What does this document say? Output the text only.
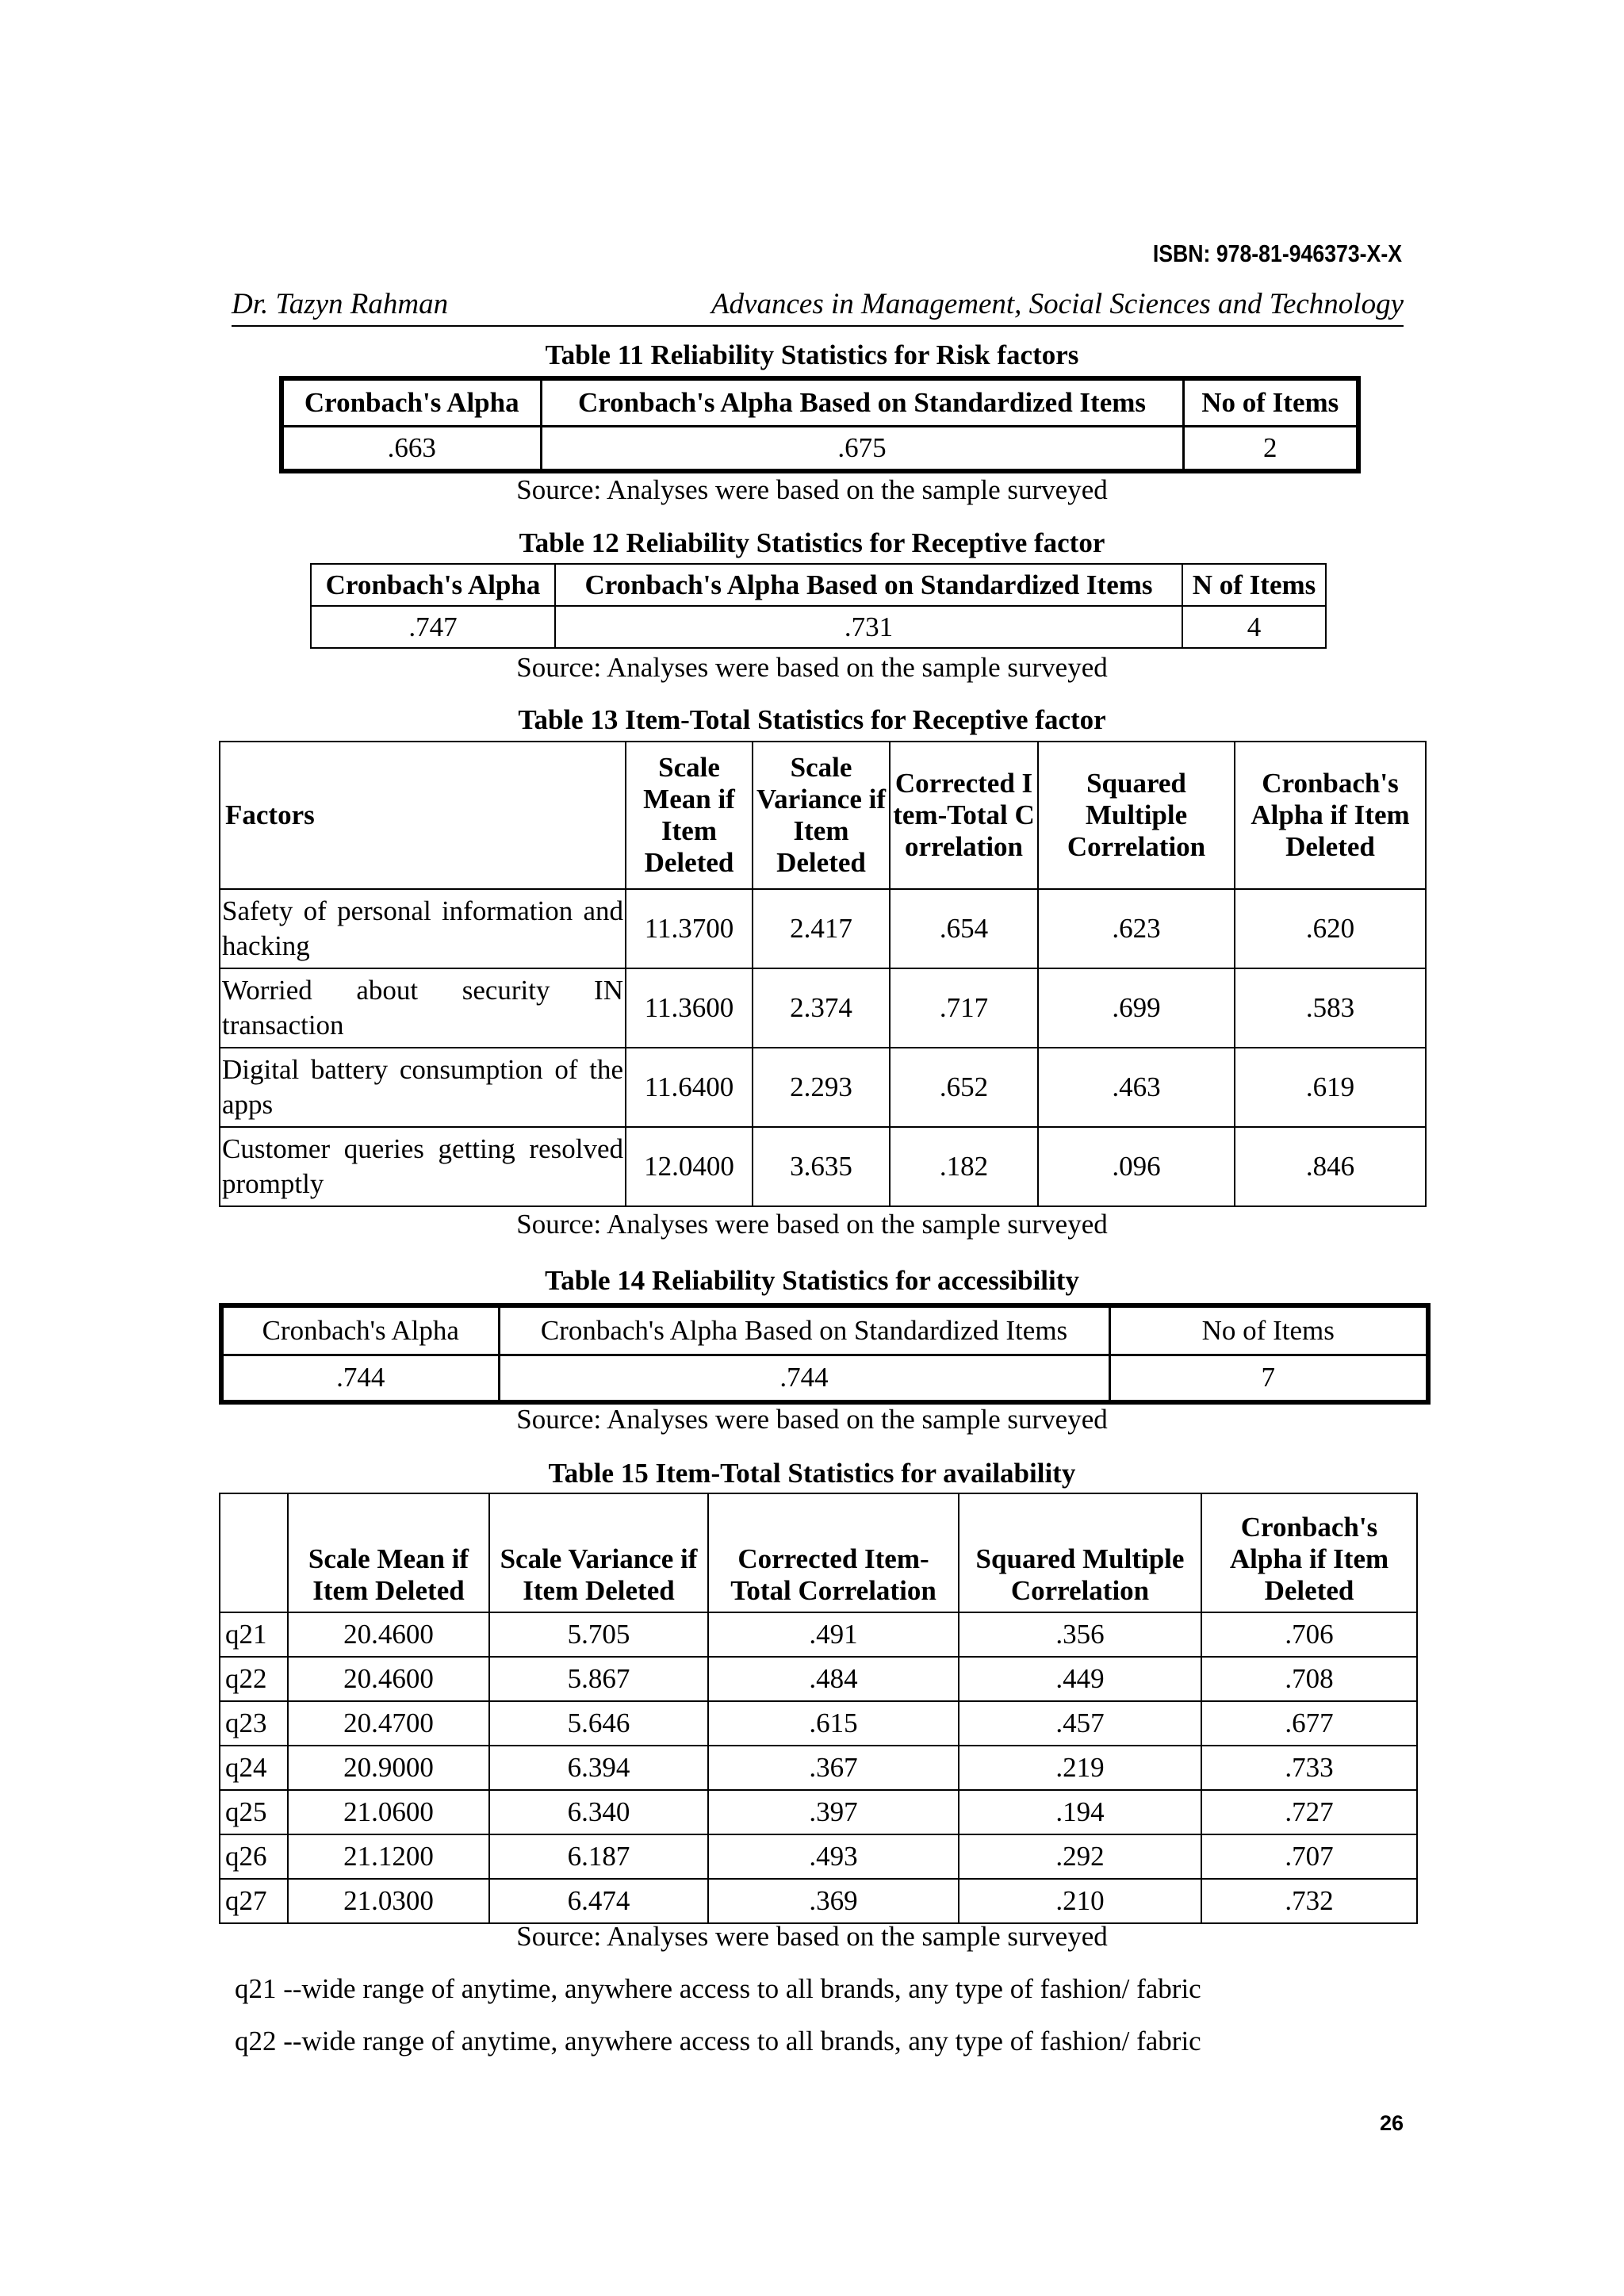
ISBN: 978-81-946373-X-X
Dr. Tazyn Rahman	Advances in Management, Social Sciences and Technology
Table 11 Reliability Statistics for Risk factors
Cronbach's Alpha	Cronbach's Alpha Based on Standardized Items	No of Items
.663	.675	2
Source: Analyses were based on the sample surveyed
Table 12 Reliability Statistics for Receptive factor
Cronbach's Alpha	Cronbach's Alpha Based on Standardized Items	N of Items
.747	.731	4
Source: Analyses were based on the sample surveyed
Table 13 Item-Total Statistics for Receptive factor
Factors	Scale Mean if Item Deleted	Scale Variance if Item Deleted	Corrected Item-Total Correlation	Squared Multiple Correlation	Cronbach's Alpha if Item Deleted
Safety of personal information and hacking	11.3700	2.417	.654	.623	.620
Worried about security IN transaction	11.3600	2.374	.717	.699	.583
Digital battery consumption of the apps	11.6400	2.293	.652	.463	.619
Customer queries getting resolved promptly	12.0400	3.635	.182	.096	.846
Source: Analyses were based on the sample surveyed
Table 14 Reliability Statistics for accessibility
Cronbach's Alpha	Cronbach's Alpha Based on Standardized Items	No of Items
.744	.744	7
Source: Analyses were based on the sample surveyed
Table 15 Item-Total Statistics for availability
	Scale Mean if Item Deleted	Scale Variance if Item Deleted	Corrected Item-Total Correlation	Squared Multiple Correlation	Cronbach's Alpha if Item Deleted
q21	20.4600	5.705	.491	.356	.706
q22	20.4600	5.867	.484	.449	.708
q23	20.4700	5.646	.615	.457	.677
q24	20.9000	6.394	.367	.219	.733
q25	21.0600	6.340	.397	.194	.727
q26	21.1200	6.187	.493	.292	.707
q27	21.0300	6.474	.369	.210	.732
Source: Analyses were based on the sample surveyed
q21 --wide range of anytime, anywhere access to all brands, any type of fashion/ fabric
q22 --wide range of anytime, anywhere access to all brands, any type of fashion/ fabric
26
